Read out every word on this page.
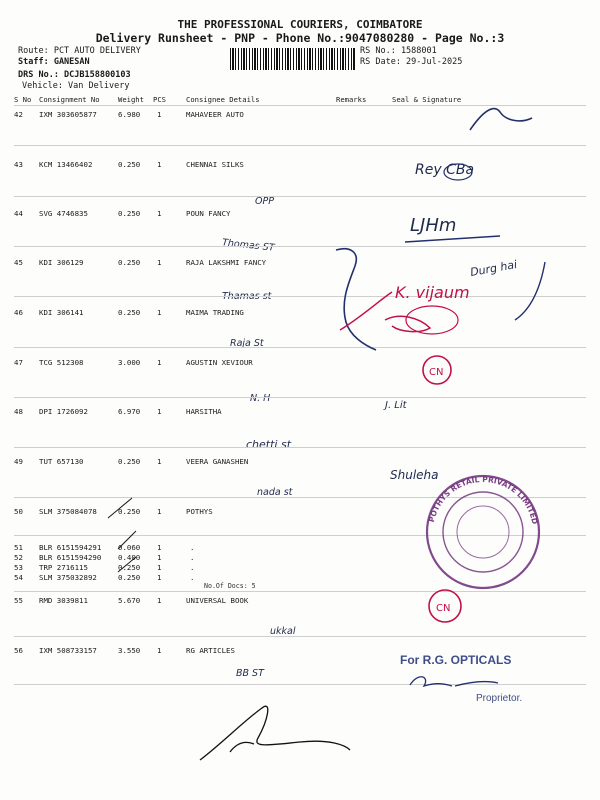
THE PROFESSIONAL COURIERS, COIMBATORE
Delivery Runsheet - PNP - Phone No.:9047080280 - Page No.:3
Route: PCT AUTO DELIVERY
Staff: GANESAN
DRS No.: DCJB158800103
Vehicle: Van Delivery
RS No.: 1588001
RS Date: 29-Jul-2025
S No Consignment No	Weight PCS	Consignee Details	Remarks	Seal & Signature
42 IXM 303605877	6.980 1	MAHAVEER AUTO
43 KCM 13466402	0.250 1	CHENNAI SILKS
OPP
44 SVG 4746835	0.250 1	POUN FANCY
Thomas ST
45 KDI 306129	0.250 1	RAJA LAKSHMI FANCY
Thamas st
46 KDI 306141	0.250 1	MAIMA TRADING
Raja St
47 TCG 512308	3.000 1	AGUSTIN XEVIOUR
N. H
48 DPI 1726092	6.970 1	HARSITHA
chetti st
49 TUT 657130	0.250 1	VEERA GANASHEN
nada st
50 SLM 375084078	0.250 1	POTHYS
51 BLR 6151594291 0.060 1	.
52 BLR 6151594290 0.400 1	.
53 TRP 2716115	0.250 1	.
54 SLM 375032892	0.250 1	.
No.Of Docs: 5
55 RMD 3039811	5.670 1	UNIVERSAL BOOK
ukkal
56 IXM 508733157	3.550 1	RG ARTICLES
BB ST
Rey CBa
LJHm
Durg hai
K. vijaum
J. Lit
Shuleha
CN
CN
POTHYS RETAIL PRIVATE LIMITED
For R.G. OPTICALS
Proprietor.
